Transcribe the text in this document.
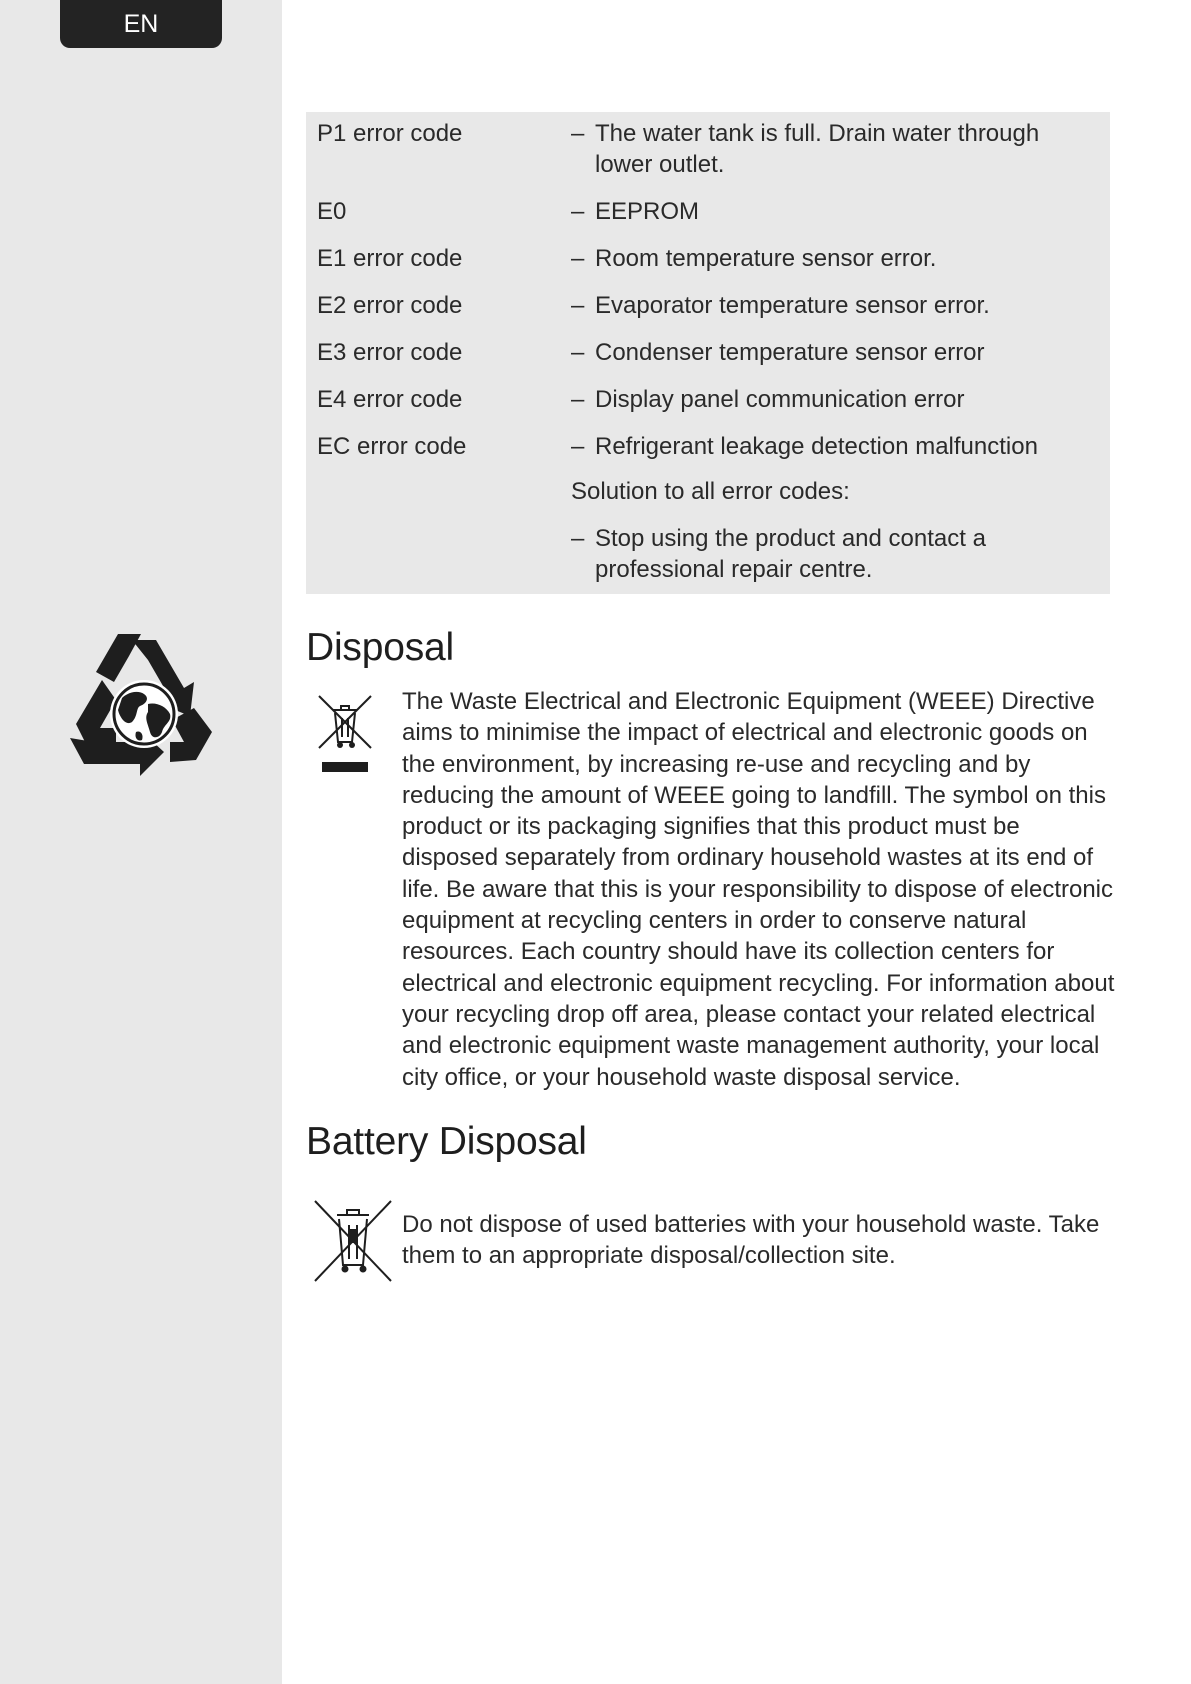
EN
P1 error code	– The water tank is full. Drain water through lower outlet.
E0	– EEPROM
E1 error code	– Room temperature sensor error.
E2 error code	– Evaporator temperature sensor error.
E3 error code	– Condenser temperature sensor error
E4 error code	– Display panel communication error
EC error code	– Refrigerant leakage detection malfunction
Solution to all error codes:
– Stop using the product and contact a professional repair centre.
Disposal

The Waste Electrical and Electronic Equipment (WEEE) Directive aims to minimise the impact of electrical and electronic goods on the environment, by increasing re-use and recycling and by reducing the amount of WEEE going to landfill. The symbol on this product or its packaging signifies that this product must be disposed separately from ordinary household wastes at its end of life. Be aware that this is your responsibility to dispose of electronic equipment at recycling centers in order to conserve natural resources. Each country should have its collection centers for electrical and electronic equipment recycling. For information about your recycling drop off area, please contact your related electrical and electronic equipment waste management authority, your local city office, or your household waste disposal service.

Battery Disposal

Do not dispose of used batteries with your household waste. Take them to an appropriate disposal/collection site.
